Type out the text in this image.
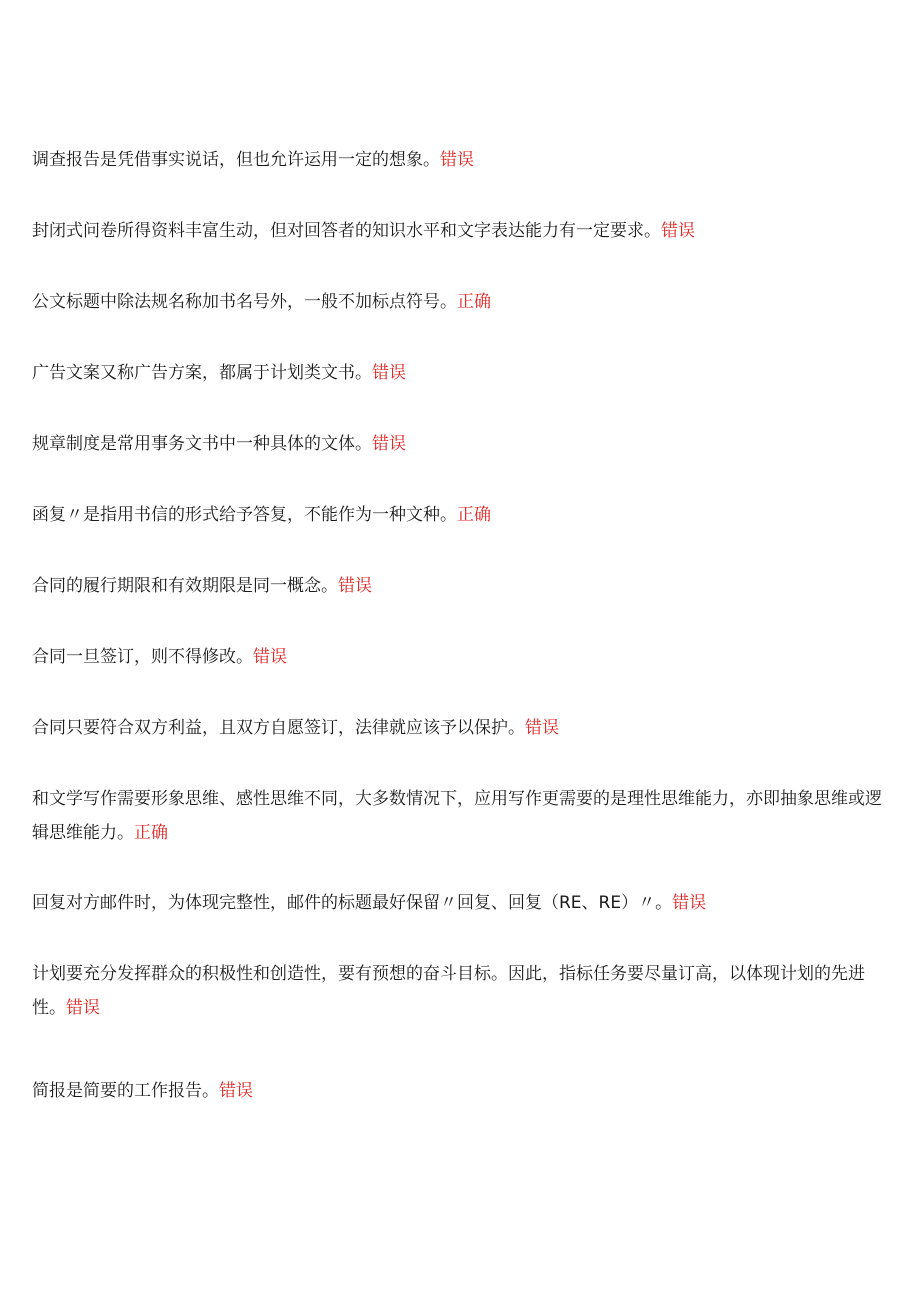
调查报告是凭借事实说话，但也允许运用一定的想象。错误

封闭式问卷所得资料丰富生动，但对回答者的知识水平和文字表达能力有一定要求。错误

公文标题中除法规名称加书名号外，一般不加标点符号。正确

广告文案又称广告方案，都属于计划类文书。错误

规章制度是常用事务文书中一种具体的文体。错误

函复〃是指用书信的形式给予答复，不能作为一种文种。正确

合同的履行期限和有效期限是同一概念。错误

合同一旦签订，则不得修改。错误

合同只要符合双方利益，且双方自愿签订，法律就应该予以保护。错误

和文学写作需要形象思维、感性思维不同，大多数情况下，应用写作更需要的是理性思维能力，亦即抽象思维或逻辑思维能力。正确

回复对方邮件时，为体现完整性，邮件的标题最好保留〃回复、回复（RE、RE）〃。错误

计划要充分发挥群众的积极性和创造性，要有预想的奋斗目标。因此，指标任务要尽量订高，以体现计划的先进性。错误

简报是简要的工作报告。错误
